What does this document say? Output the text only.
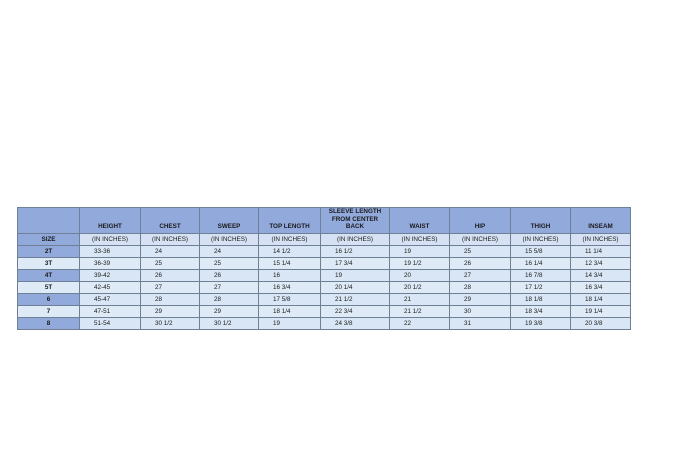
	HEIGHT	CHEST	SWEEP	TOP LENGTH	SLEEVE LENGTH FROM CENTER BACK	WAIST	HIP	THIGH	INSEAM
SIZE	(IN INCHES)	(IN INCHES)	(IN INCHES)	(IN INCHES)	(IN INCHES)	(IN INCHES)	(IN INCHES)	(IN INCHES)	(IN INCHES)
2T	33-36	24	24	14 1/2	16 1/2	19	25	15 5/8	11 1/4
3T	36-39	25	25	15 1/4	17 3/4	19 1/2	26	16 1/4	12 3/4
4T	39-42	26	26	16	19	20	27	16 7/8	14 3/4
5T	42-45	27	27	16 3/4	20 1/4	20 1/2	28	17 1/2	16 3/4
6	45-47	28	28	17 5/8	21 1/2	21	29	18 1/8	18 1/4
7	47-51	29	29	18 1/4	22 3/4	21 1/2	30	18 3/4	19 1/4
8	51-54	30 1/2	30 1/2	19	24 3/8	22	31	19 3/8	20 3/8
